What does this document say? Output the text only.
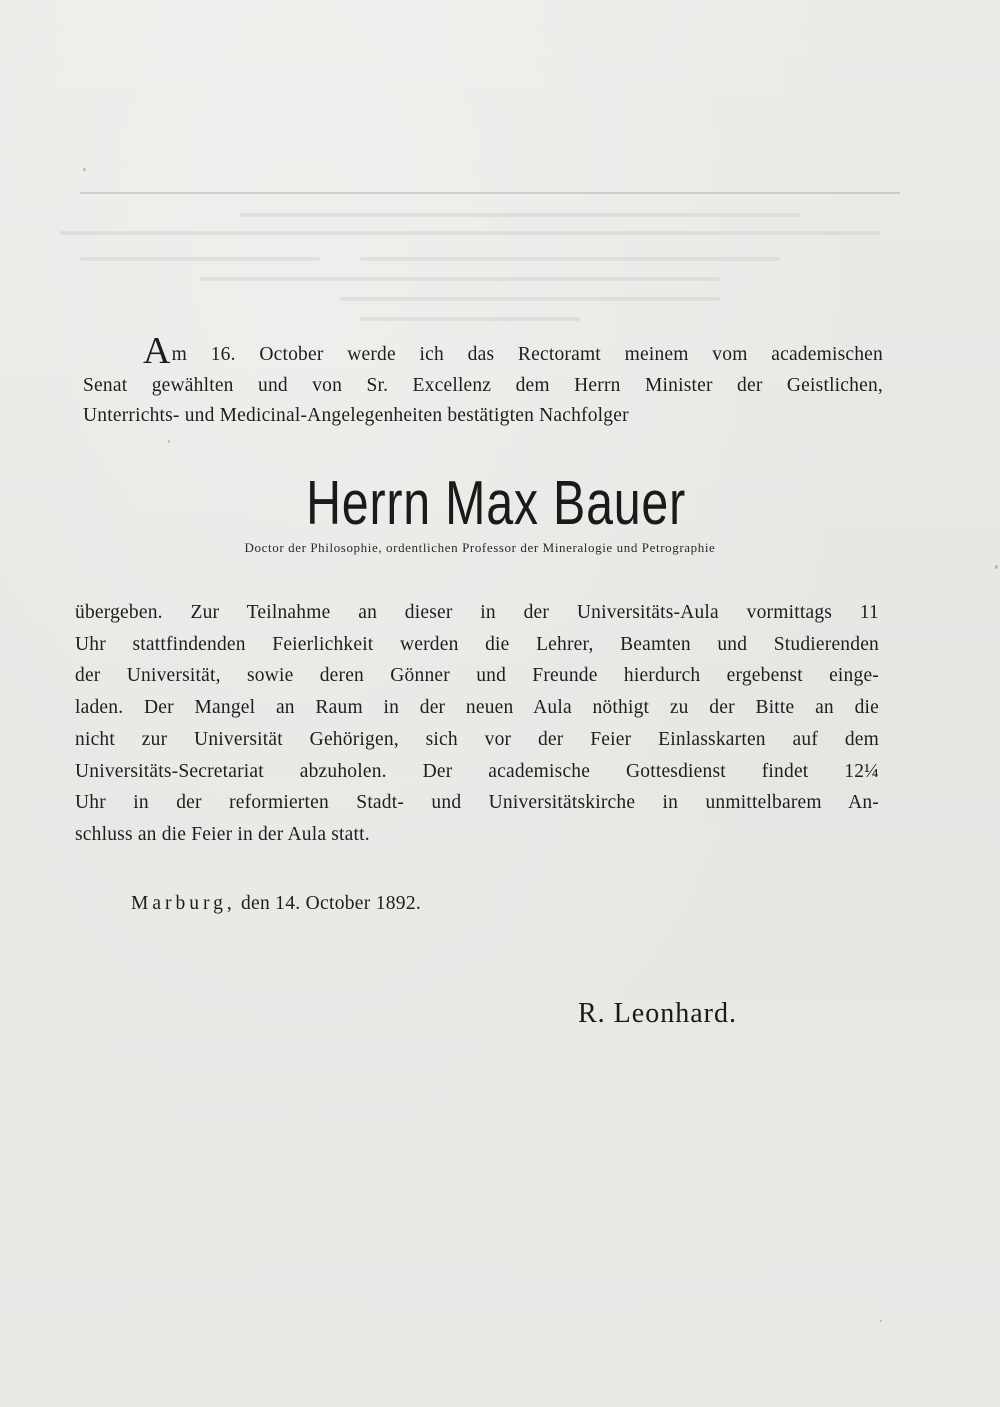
Am 16. October werde ich das Rectoramt meinem vom academischen
Senat gewählten und von Sr. Excellenz dem Herrn Minister der Geistlichen,
Unterrichts- und Medicinal-Angelegenheiten bestätigten Nachfolger
Herrn Max Bauer
Doctor der Philosophie, ordentlichen Professor der Mineralogie und Petrographie
übergeben. Zur Teilnahme an dieser in der Universitäts-Aula vormittags 11
Uhr stattfindenden Feierlichkeit werden die Lehrer, Beamten und Studierenden
der Universität, sowie deren Gönner und Freunde hierdurch ergebenst einge-
laden. Der Mangel an Raum in der neuen Aula nöthigt zu der Bitte an die
nicht zur Universität Gehörigen, sich vor der Feier Einlasskarten auf dem
Universitäts-Secretariat abzuholen. Der academische Gottesdienst findet 12¼
Uhr in der reformierten Stadt- und Universitätskirche in unmittelbarem An-
schluss an die Feier in der Aula statt.
Marburg, den 14. October 1892.
R. Leonhard.
